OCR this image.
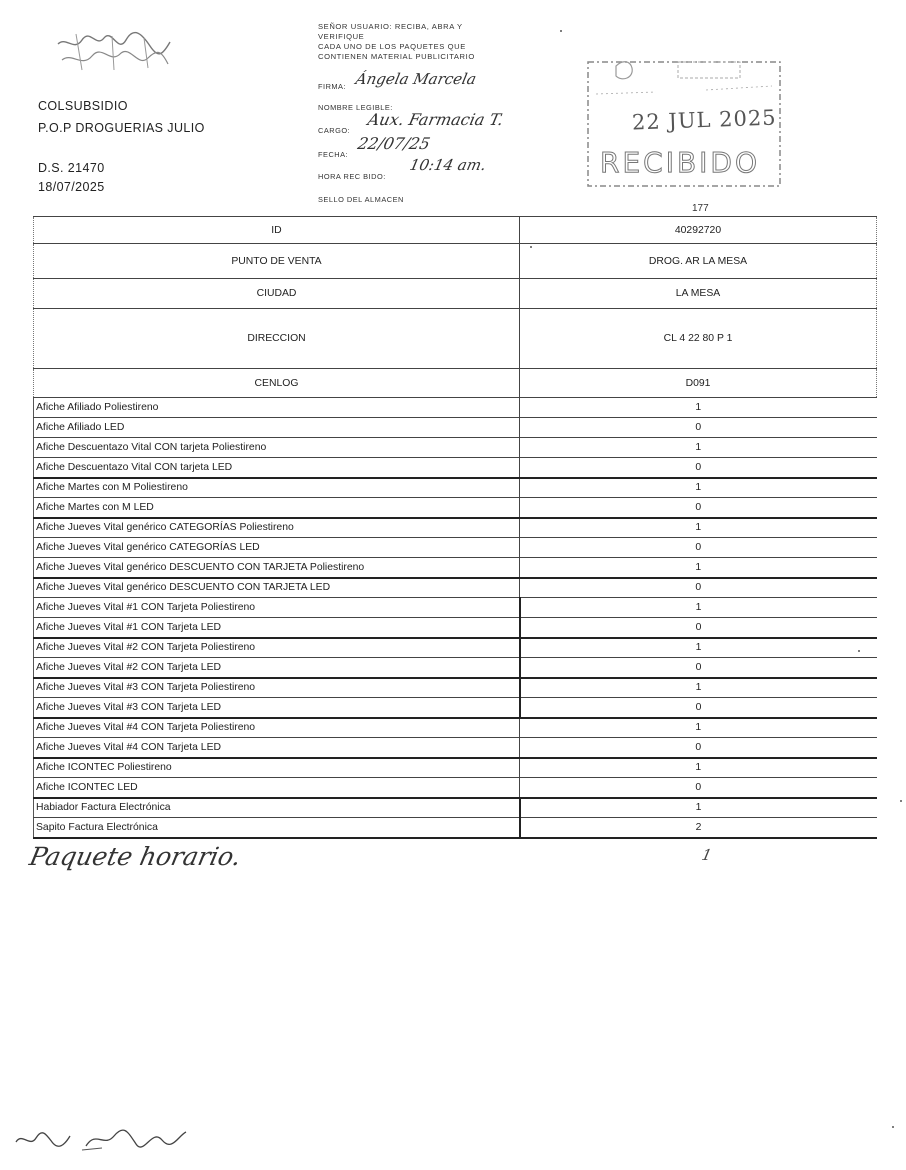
COLSUBSIDIO
P.O.P DROGUERIAS JULIO
D.S. 21470
18/07/2025
SEÑOR USUARIO: RECIBA, ABRA Y
VERIFIQUE
CADA UNO DE LOS PAQUETES QUE
CONTIENEN MATERIAL PUBLICITARIO
FIRMA: Ángela Marcela
NOMBRE LEGIBLE:
CARGO:
Aux. Farmacia T.
FECHA:
22/07/25
HORA REC BIDO:
10:14 am.
SELLO DEL ALMACEN
22 JUL 2025
RECIBIDO
177
ID	40292720
PUNTO DE VENTA	DROG. AR LA MESA
CIUDAD	LA MESA
DIRECCION	CL 4 22 80 P 1
CENLOG	D091
Afiche Afiliado Poliestireno	1
Afiche Afiliado LED	0
Afiche Descuentazo Vital CON tarjeta Poliestireno	1
Afiche Descuentazo Vital CON tarjeta LED	0
Afiche Martes con M Poliestireno	1
Afiche Martes con M LED	0
Afiche Jueves Vital genérico CATEGORÍAS Poliestireno	1
Afiche Jueves Vital genérico CATEGORÍAS LED	0
Afiche Jueves Vital genérico DESCUENTO CON TARJETA Poliestireno	1
Afiche Jueves Vital genérico DESCUENTO CON TARJETA LED	0
Afiche Jueves Vital #1 CON Tarjeta Poliestireno	1
Afiche Jueves Vital #1 CON Tarjeta LED	0
Afiche Jueves Vital #2 CON Tarjeta Poliestireno	1
Afiche Jueves Vital #2 CON Tarjeta LED	0
Afiche Jueves Vital #3 CON Tarjeta Poliestireno	1
Afiche Jueves Vital #3 CON Tarjeta LED	0
Afiche Jueves Vital #4 CON Tarjeta Poliestireno	1
Afiche Jueves Vital #4 CON Tarjeta LED	0
Afiche ICONTEC Poliestireno	1
Afiche ICONTEC LED	0
Habiador Factura Electrónica	1
Sapito Factura Electrónica	2
Paquete horario.	1
